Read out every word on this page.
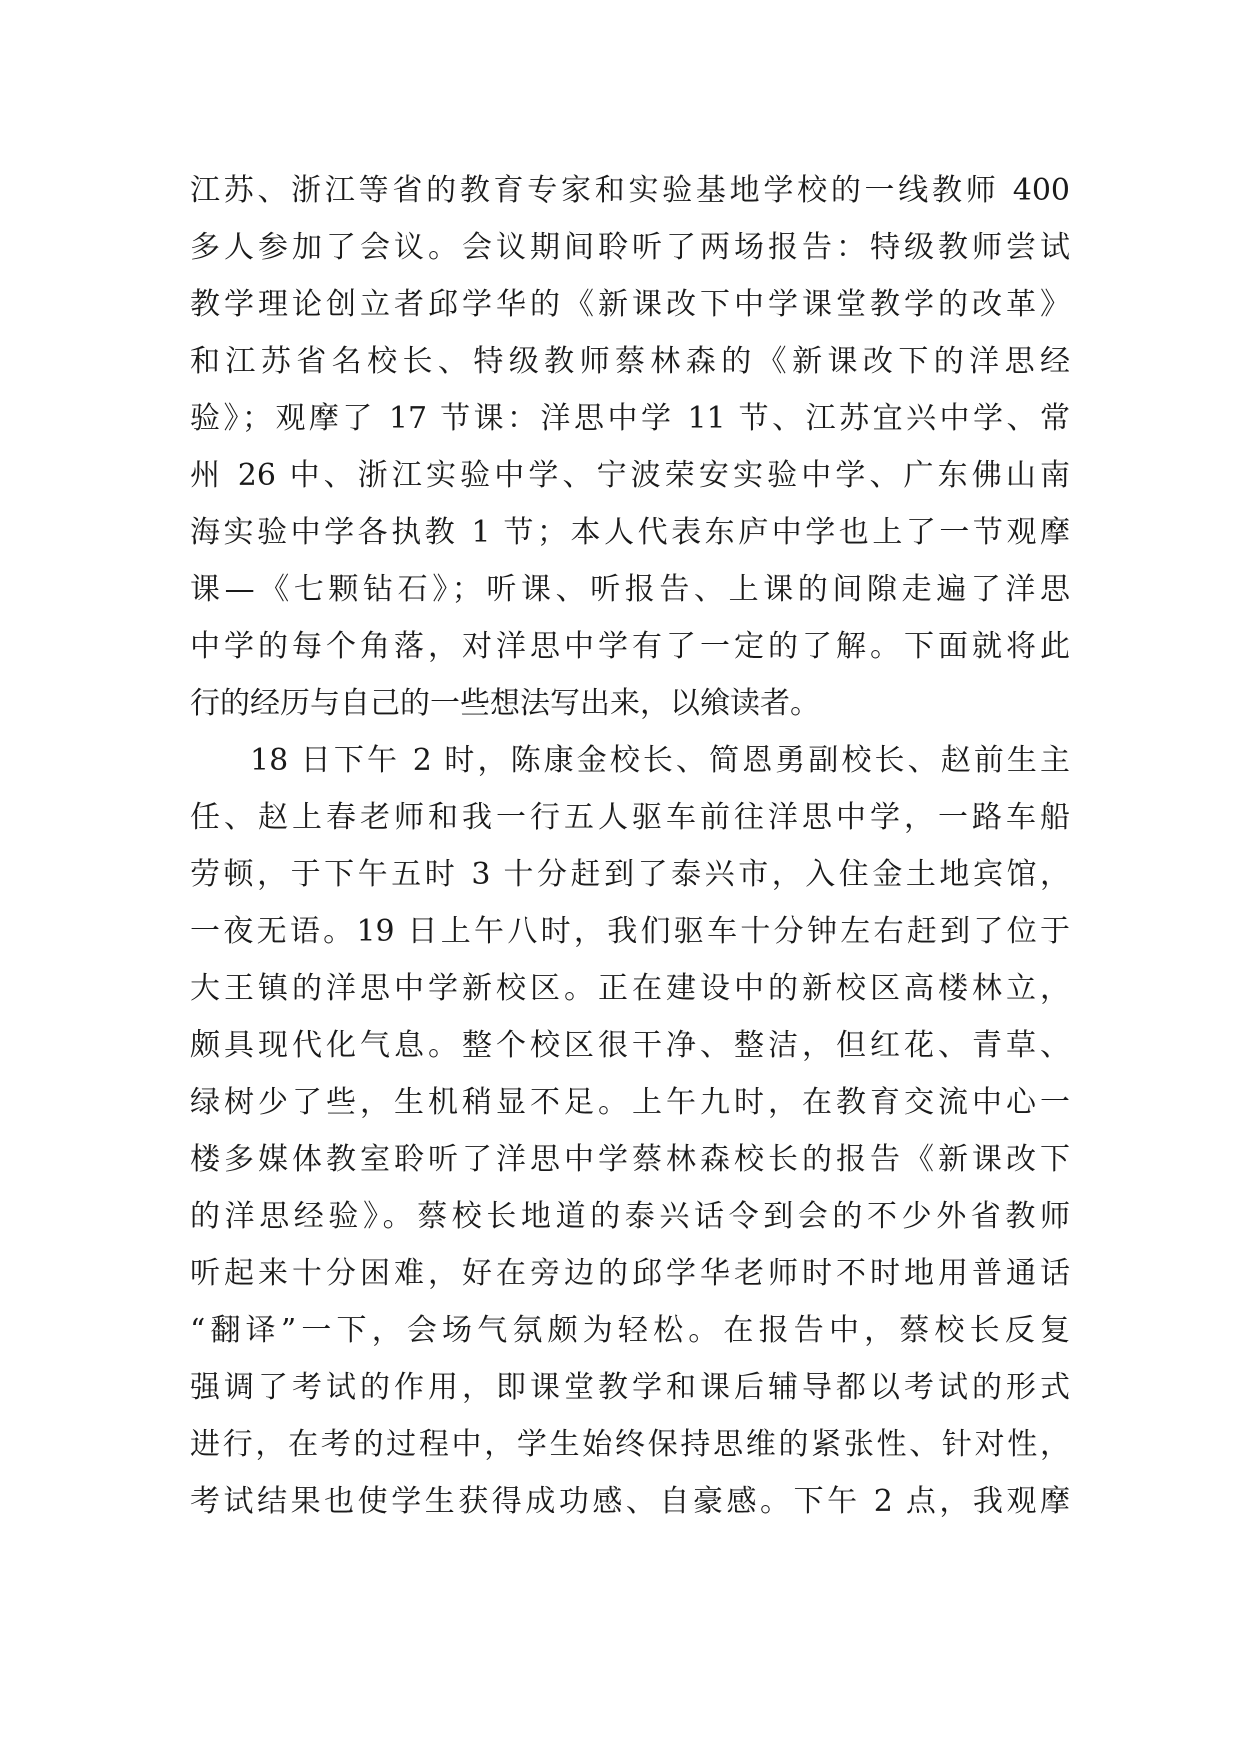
江苏、浙江等省的教育专家和实验基地学校的一线教师 400
多人参加了会议。会议期间聆听了两场报告：特级教师尝试
教学理论创立者邱学华的《新课改下中学课堂教学的改革》
和江苏省名校长、特级教师蔡林森的《新课改下的洋思经
验》；观摩了 17 节课：洋思中学 11 节、江苏宜兴中学、常
州 26 中、浙江实验中学、宁波荣安实验中学、广东佛山南
海实验中学各执教 1 节；本人代表东庐中学也上了一节观摩
课—《七颗钻石》；听课、听报告、上课的间隙走遍了洋思
中学的每个角落，对洋思中学有了一定的了解。下面就将此
行的经历与自己的一些想法写出来，以飨读者。
18 日下午 2 时，陈康金校长、简恩勇副校长、赵前生主
任、赵上春老师和我一行五人驱车前往洋思中学，一路车船
劳顿，于下午五时 3 十分赶到了泰兴市，入住金土地宾馆，
一夜无语。19 日上午八时，我们驱车十分钟左右赶到了位于
大王镇的洋思中学新校区。正在建设中的新校区高楼林立，
颇具现代化气息。整个校区很干净、整洁，但红花、青草、
绿树少了些，生机稍显不足。上午九时，在教育交流中心一
楼多媒体教室聆听了洋思中学蔡林森校长的报告《新课改下
的洋思经验》。蔡校长地道的泰兴话令到会的不少外省教师
听起来十分困难，好在旁边的邱学华老师时不时地用普通话
“翻译”一下，会场气氛颇为轻松。在报告中，蔡校长反复
强调了考试的作用，即课堂教学和课后辅导都以考试的形式
进行，在考的过程中，学生始终保持思维的紧张性、针对性，
考试结果也使学生获得成功感、自豪感。下午 2 点，我观摩
